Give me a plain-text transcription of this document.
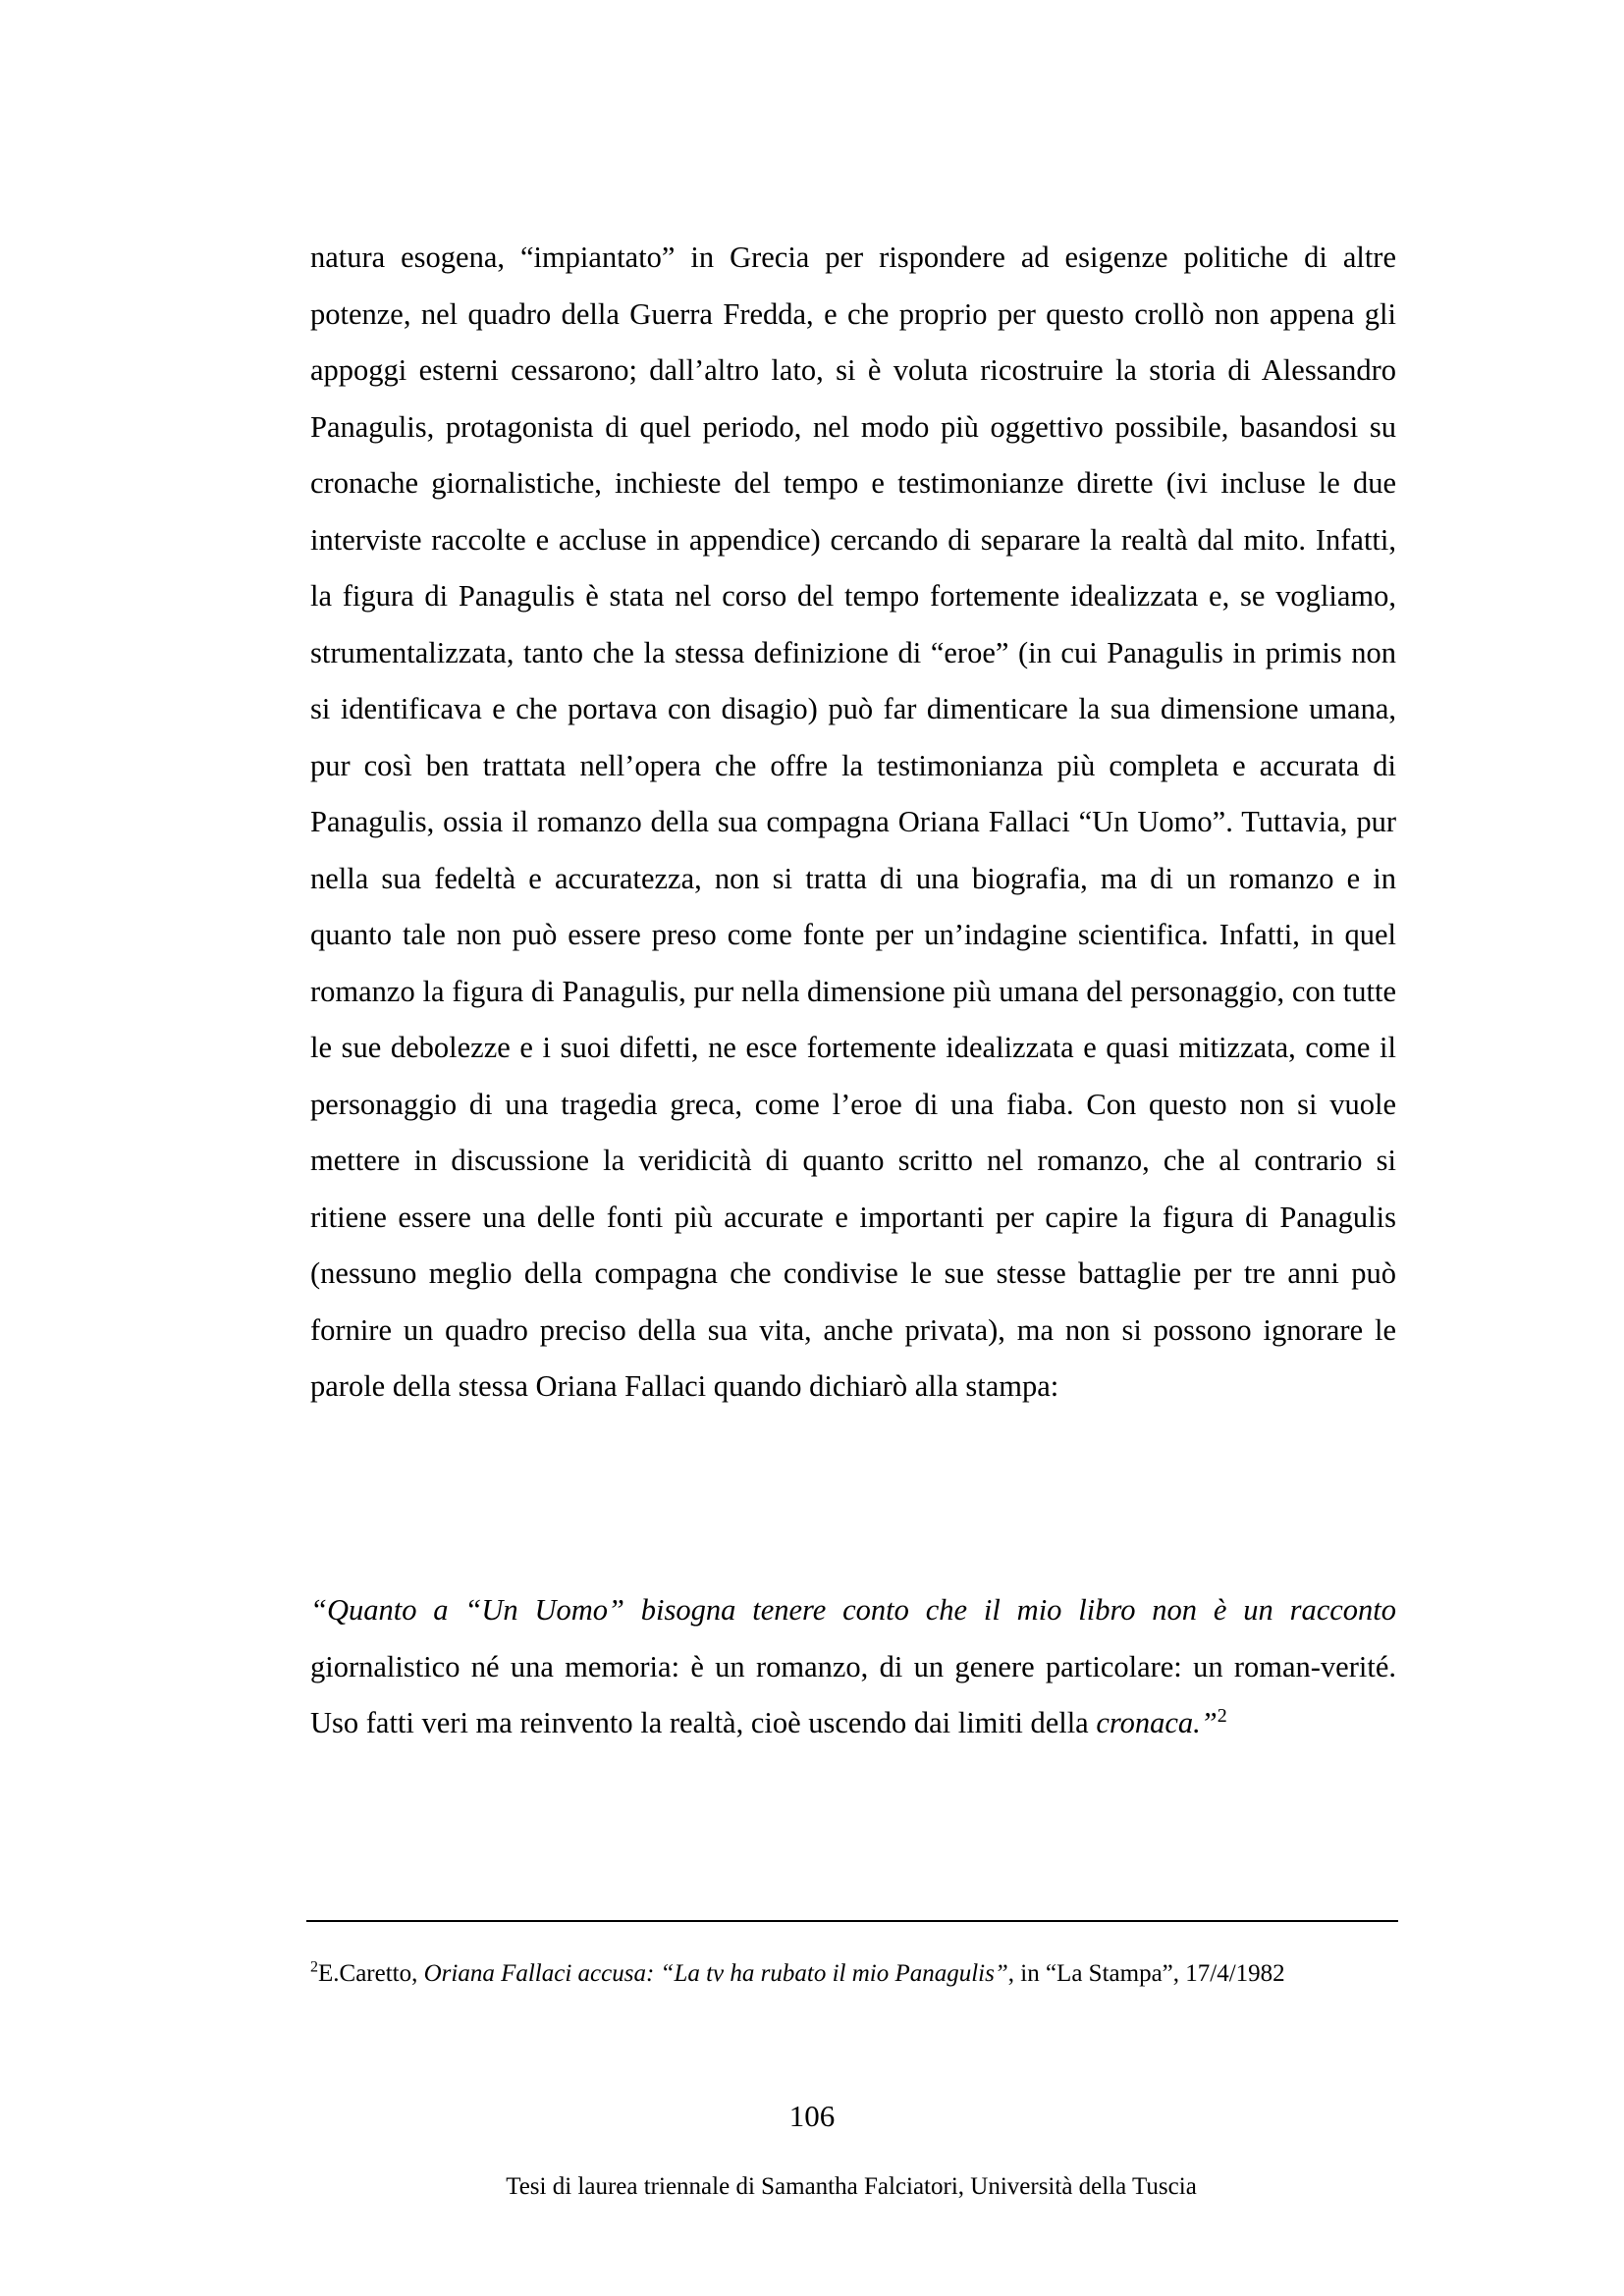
natura esogena, “impiantato” in Grecia per rispondere ad esigenze politiche di altre potenze, nel quadro della Guerra Fredda, e che proprio per questo crollò non appena gli appoggi esterni cessarono; dall’altro lato, si è voluta ricostruire la storia di Alessandro Panagulis, protagonista di quel periodo, nel modo più oggettivo possibile, basandosi su cronache giornalistiche, inchieste del tempo e testimonianze dirette (ivi incluse le due interviste raccolte e accluse in appendice) cercando di separare la realtà dal mito. Infatti, la figura di Panagulis è stata nel corso del tempo fortemente idealizzata e, se vogliamo, strumentalizzata, tanto che la stessa definizione di “eroe” (in cui Panagulis in primis non si identificava e che portava con disagio) può far dimenticare la sua dimensione umana, pur così ben trattata nell’opera che offre la testimonianza più completa e accurata di Panagulis, ossia il romanzo della sua compagna Oriana Fallaci “Un Uomo”. Tuttavia, pur nella sua fedeltà e accuratezza, non si tratta di una biografia, ma di un romanzo e in quanto tale non può essere preso come fonte per un’indagine scientifica. Infatti, in quel romanzo la figura di Panagulis, pur nella dimensione più umana del personaggio, con tutte le sue debolezze e i suoi difetti, ne esce fortemente idealizzata e quasi mitizzata, come il personaggio di una tragedia greca, come l’eroe di una fiaba. Con questo non si vuole mettere in discussione la veridicità di quanto scritto nel romanzo, che al contrario si ritiene essere una delle fonti più accurate e importanti per capire la figura di Panagulis (nessuno meglio della compagna che condivise le sue stesse battaglie per tre anni può fornire un quadro preciso della sua vita, anche privata), ma non si possono ignorare le parole della stessa Oriana Fallaci quando dichiarò alla stampa:

“Quanto a “Un Uomo” bisogna tenere conto che il mio libro non è un racconto giornalistico né una memoria: è un romanzo, di un genere particolare: un roman-verité. Uso fatti veri ma reinvento la realtà, cioè uscendo dai limiti della cronaca.”$^2$

$^2$E.Caretto, Oriana Fallaci accusa: “La tv ha rubato il mio Panagulis”, in “La Stampa”, 17/4/1982

106

Tesi di laurea triennale di Samantha Falciatori, Università della Tuscia
